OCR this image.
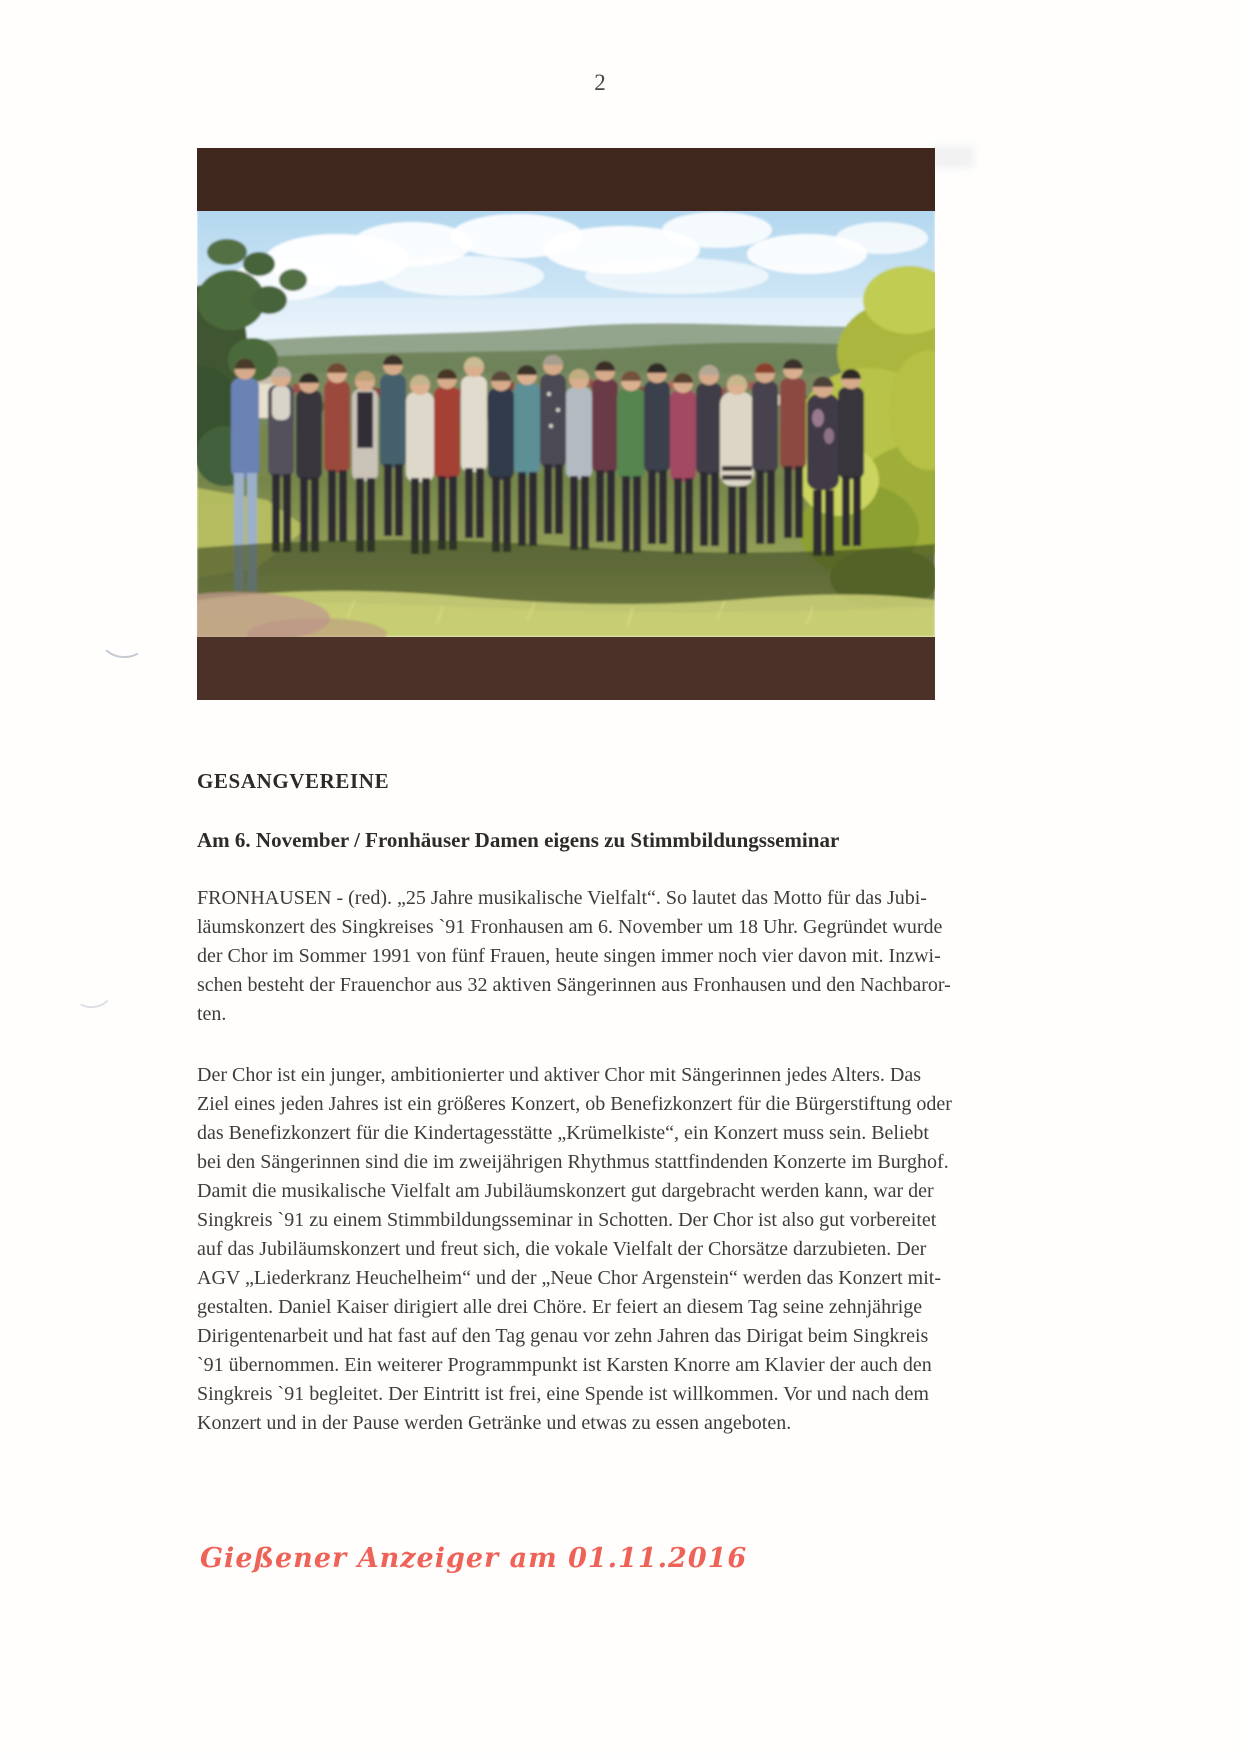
2
GESANGVEREINE
Am 6. November / Fronhäuser Damen eigens zu Stimmbildungsseminar
FRONHAUSEN - (red). „25 Jahre musikalische Vielfalt“. So lautet das Motto für das Jubi-
läumskonzert des Singkreises `91 Fronhausen am 6. November um 18 Uhr. Gegründet wurde
der Chor im Sommer 1991 von fünf Frauen, heute singen immer noch vier davon mit. Inzwi-
schen besteht der Frauenchor aus 32 aktiven Sängerinnen aus Fronhausen und den Nachbaror-
ten.
Der Chor ist ein junger, ambitionierter und aktiver Chor mit Sängerinnen jedes Alters. Das
Ziel eines jeden Jahres ist ein größeres Konzert, ob Benefizkonzert für die Bürgerstiftung oder
das Benefizkonzert für die Kindertagesstätte „Krümelkiste“, ein Konzert muss sein. Beliebt
bei den Sängerinnen sind die im zweijährigen Rhythmus stattfindenden Konzerte im Burghof.
Damit die musikalische Vielfalt am Jubiläumskonzert gut dargebracht werden kann, war der
Singkreis `91 zu einem Stimmbildungsseminar in Schotten. Der Chor ist also gut vorbereitet
auf das Jubiläumskonzert und freut sich, die vokale Vielfalt der Chorsätze darzubieten. Der
AGV „Liederkranz Heuchelheim“ und der „Neue Chor Argenstein“ werden das Konzert mit-
gestalten. Daniel Kaiser dirigiert alle drei Chöre. Er feiert an diesem Tag seine zehnjährige
Dirigentenarbeit und hat fast auf den Tag genau vor zehn Jahren das Dirigat beim Singkreis
`91 übernommen. Ein weiterer Programmpunkt ist Karsten Knorre am Klavier der auch den
Singkreis `91 begleitet. Der Eintritt ist frei, eine Spende ist willkommen. Vor und nach dem
Konzert und in der Pause werden Getränke und etwas zu essen angeboten.
Gießener Anzeiger am 01.11.2016
